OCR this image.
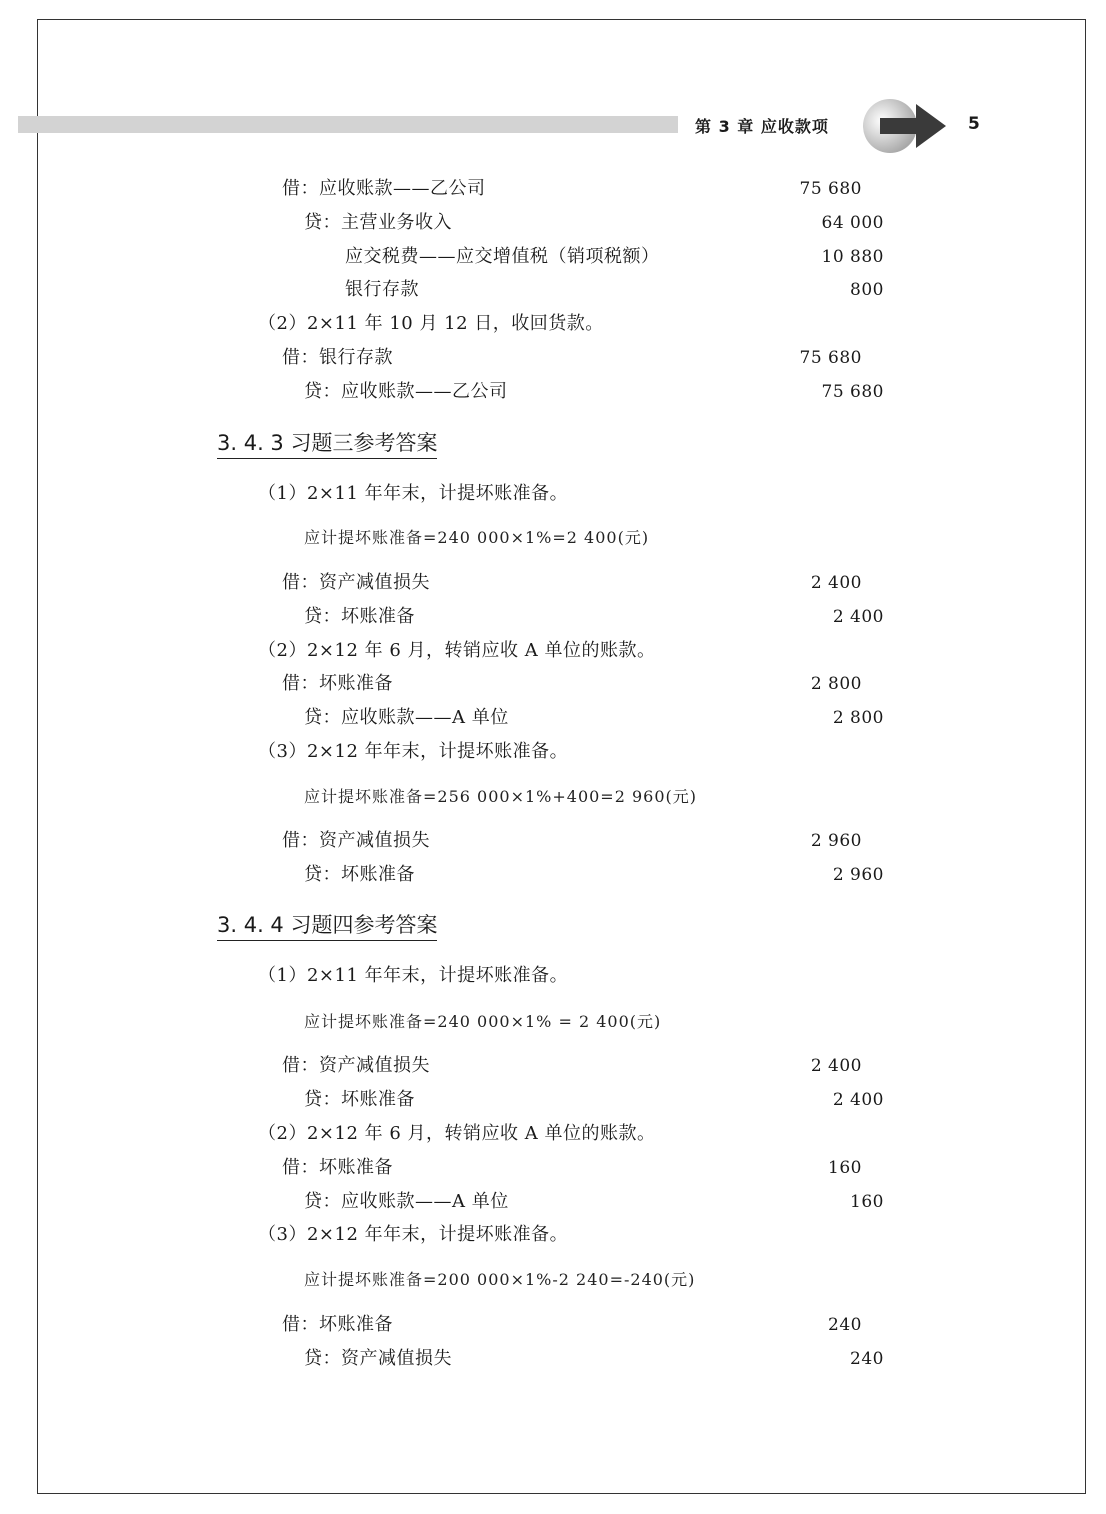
第 3 章 应收款项	5
借：应收账款——乙公司	75 680
贷：主营业务收入	64 000
应交税费——应交增值税（销项税额）	10 880
银行存款	800
（2）2×11 年 10 月 12 日，收回货款。
借：银行存款	75 680
贷：应收账款——乙公司	75 680
3. 4. 3 习题三参考答案
（1）2×11 年年末，计提坏账准备。
应计提坏账准备=240 000×1%=2 400(元)
借：资产减值损失	2 400
贷：坏账准备	2 400
（2）2×12 年 6 月，转销应收 A 单位的账款。
借：坏账准备	2 800
贷：应收账款——A 单位	2 800
（3）2×12 年年末，计提坏账准备。
应计提坏账准备=256 000×1%+400=2 960(元)
借：资产减值损失	2 960
贷：坏账准备	2 960
3. 4. 4 习题四参考答案
（1）2×11 年年末，计提坏账准备。
应计提坏账准备=240 000×1% = 2 400(元)
借：资产减值损失	2 400
贷：坏账准备	2 400
（2）2×12 年 6 月，转销应收 A 单位的账款。
借：坏账准备	160
贷：应收账款——A 单位	160
（3）2×12 年年末，计提坏账准备。
应计提坏账准备=200 000×1%-2 240=-240(元)
借：坏账准备	240
贷：资产减值损失	240
